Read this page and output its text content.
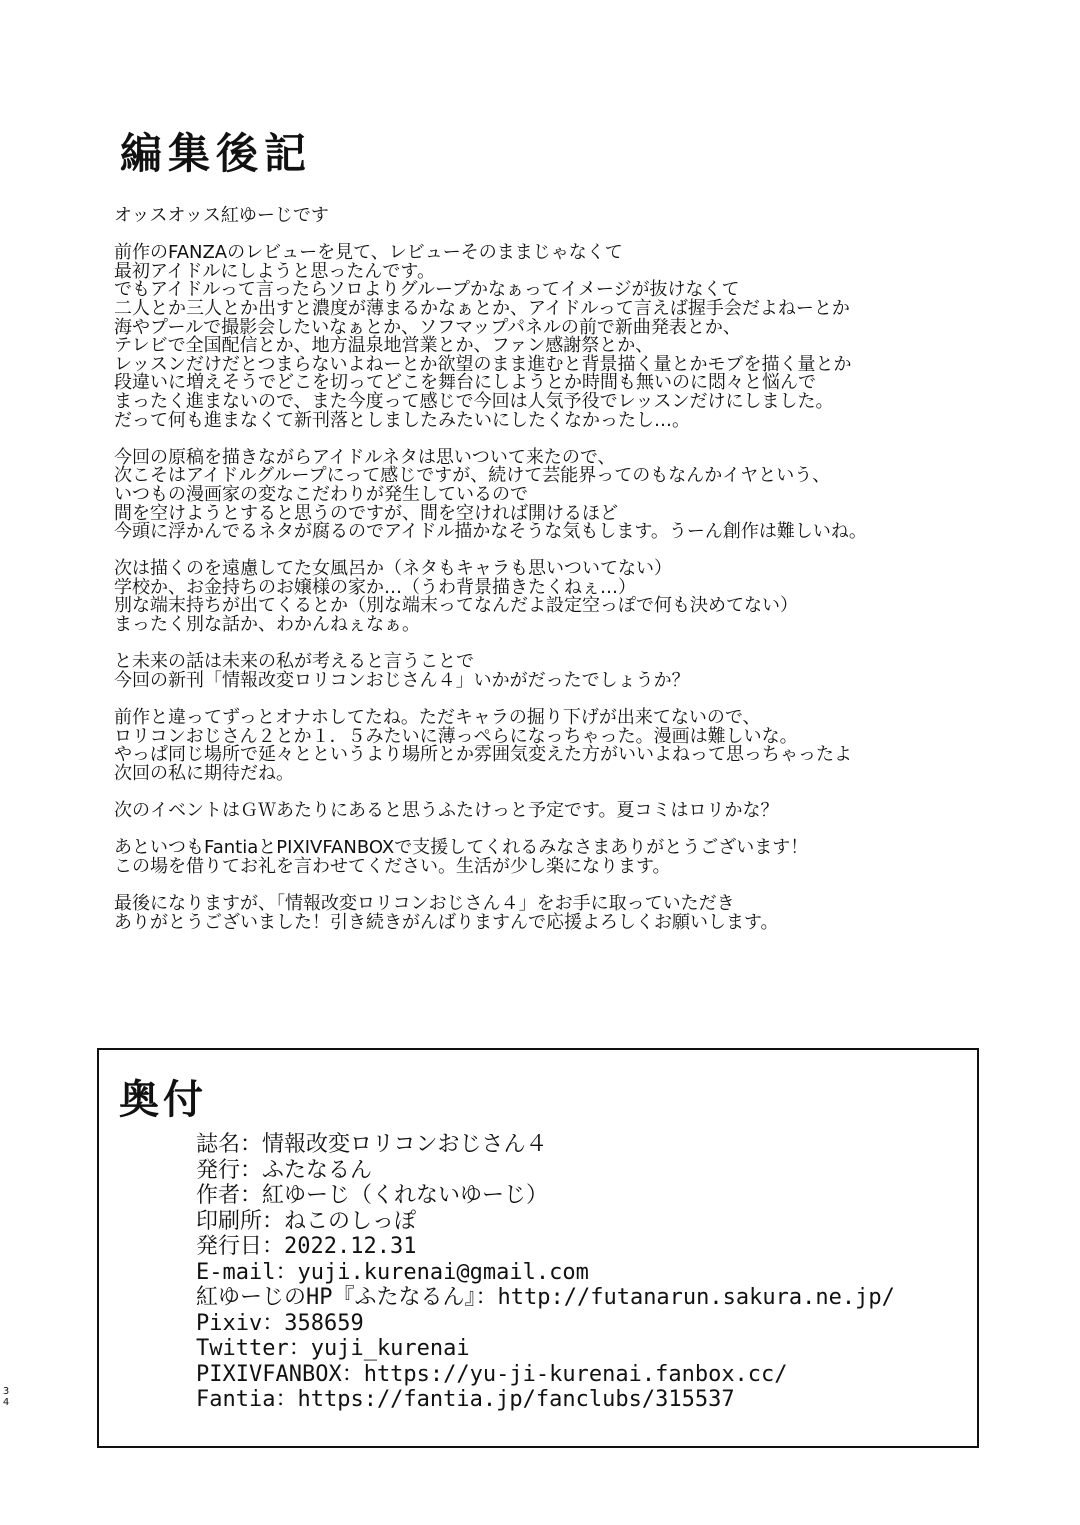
編集後記
オッスオッス紅ゆーじです
前作のFANZAのレビューを見て、レビューそのままじゃなくて
最初アイドルにしようと思ったんです。
でもアイドルって言ったらソロよりグループかなぁってイメージが抜けなくて
二人とか三人とか出すと濃度が薄まるかなぁとか、アイドルって言えば握手会だよねーとか
海やプールで撮影会したいなぁとか、ソフマップパネルの前で新曲発表とか、
テレビで全国配信とか、地方温泉地営業とか、ファン感謝祭とか、
レッスンだけだとつまらないよねーとか欲望のまま進むと背景描く量とかモブを描く量とか
段違いに増えそうでどこを切ってどこを舞台にしようとか時間も無いのに悶々と悩んで
まったく進まないので、また今度って感じで今回は人気予役でレッスンだけにしました。
だって何も進まなくて新刊落としましたみたいにしたくなかったし…。
今回の原稿を描きながらアイドルネタは思いついて来たので、
次こそはアイドルグループにって感じですが、続けて芸能界ってのもなんかイヤという、
いつもの漫画家の変なこだわりが発生しているので
間を空けようとすると思うのですが、間を空ければ開けるほど
今頭に浮かんでるネタが腐るのでアイドル描かなそうな気もします。うーん創作は難しいね。
次は描くのを遠慮してた女風呂か（ネタもキャラも思いついてない）
学校か、お金持ちのお嬢様の家か…（うわ背景描きたくねぇ…）
別な端末持ちが出てくるとか（別な端末ってなんだよ設定空っぽで何も決めてない）
まったく別な話か、わかんねぇなぁ。
と未来の話は未来の私が考えると言うことで
今回の新刊「情報改変ロリコンおじさん４」いかがだったでしょうか？
前作と違ってずっとオナホしてたね。ただキャラの掘り下げが出来てないので、
ロリコンおじさん２とか１．５みたいに薄っぺらになっちゃった。漫画は難しいな。
やっぱ同じ場所で延々とというより場所とか雰囲気変えた方がいいよねって思っちゃったよ
次回の私に期待だね。
次のイベントはＧＷあたりにあると思うふたけっと予定です。夏コミはロリかな？
あといつもFantiaとPIXIVFANBOXで支援してくれるみなさまありがとうございます！
この場を借りてお礼を言わせてください。生活が少し楽になります。
最後になりますが、「情報改変ロリコンおじさん４」をお手に取っていただき
ありがとうございました！引き続きがんばりますんで応援よろしくお願いします。
奥付
誌名：情報改変ロリコンおじさん４
発行：ふたなるん
作者：紅ゆーじ（くれないゆーじ）
印刷所：ねこのしっぽ
発行日：2022.12.31
E-mail：yuji.kurenai@gmail.com
紅ゆーじのHP『ふたなるん』：http://futanarun.sakura.ne.jp/
Pixiv：358659
Twitter：yuji_kurenai
PIXIVFANBOX：https://yu-ji-kurenai.fanbox.cc/
Fantia：https://fantia.jp/fanclubs/315537
3
4
